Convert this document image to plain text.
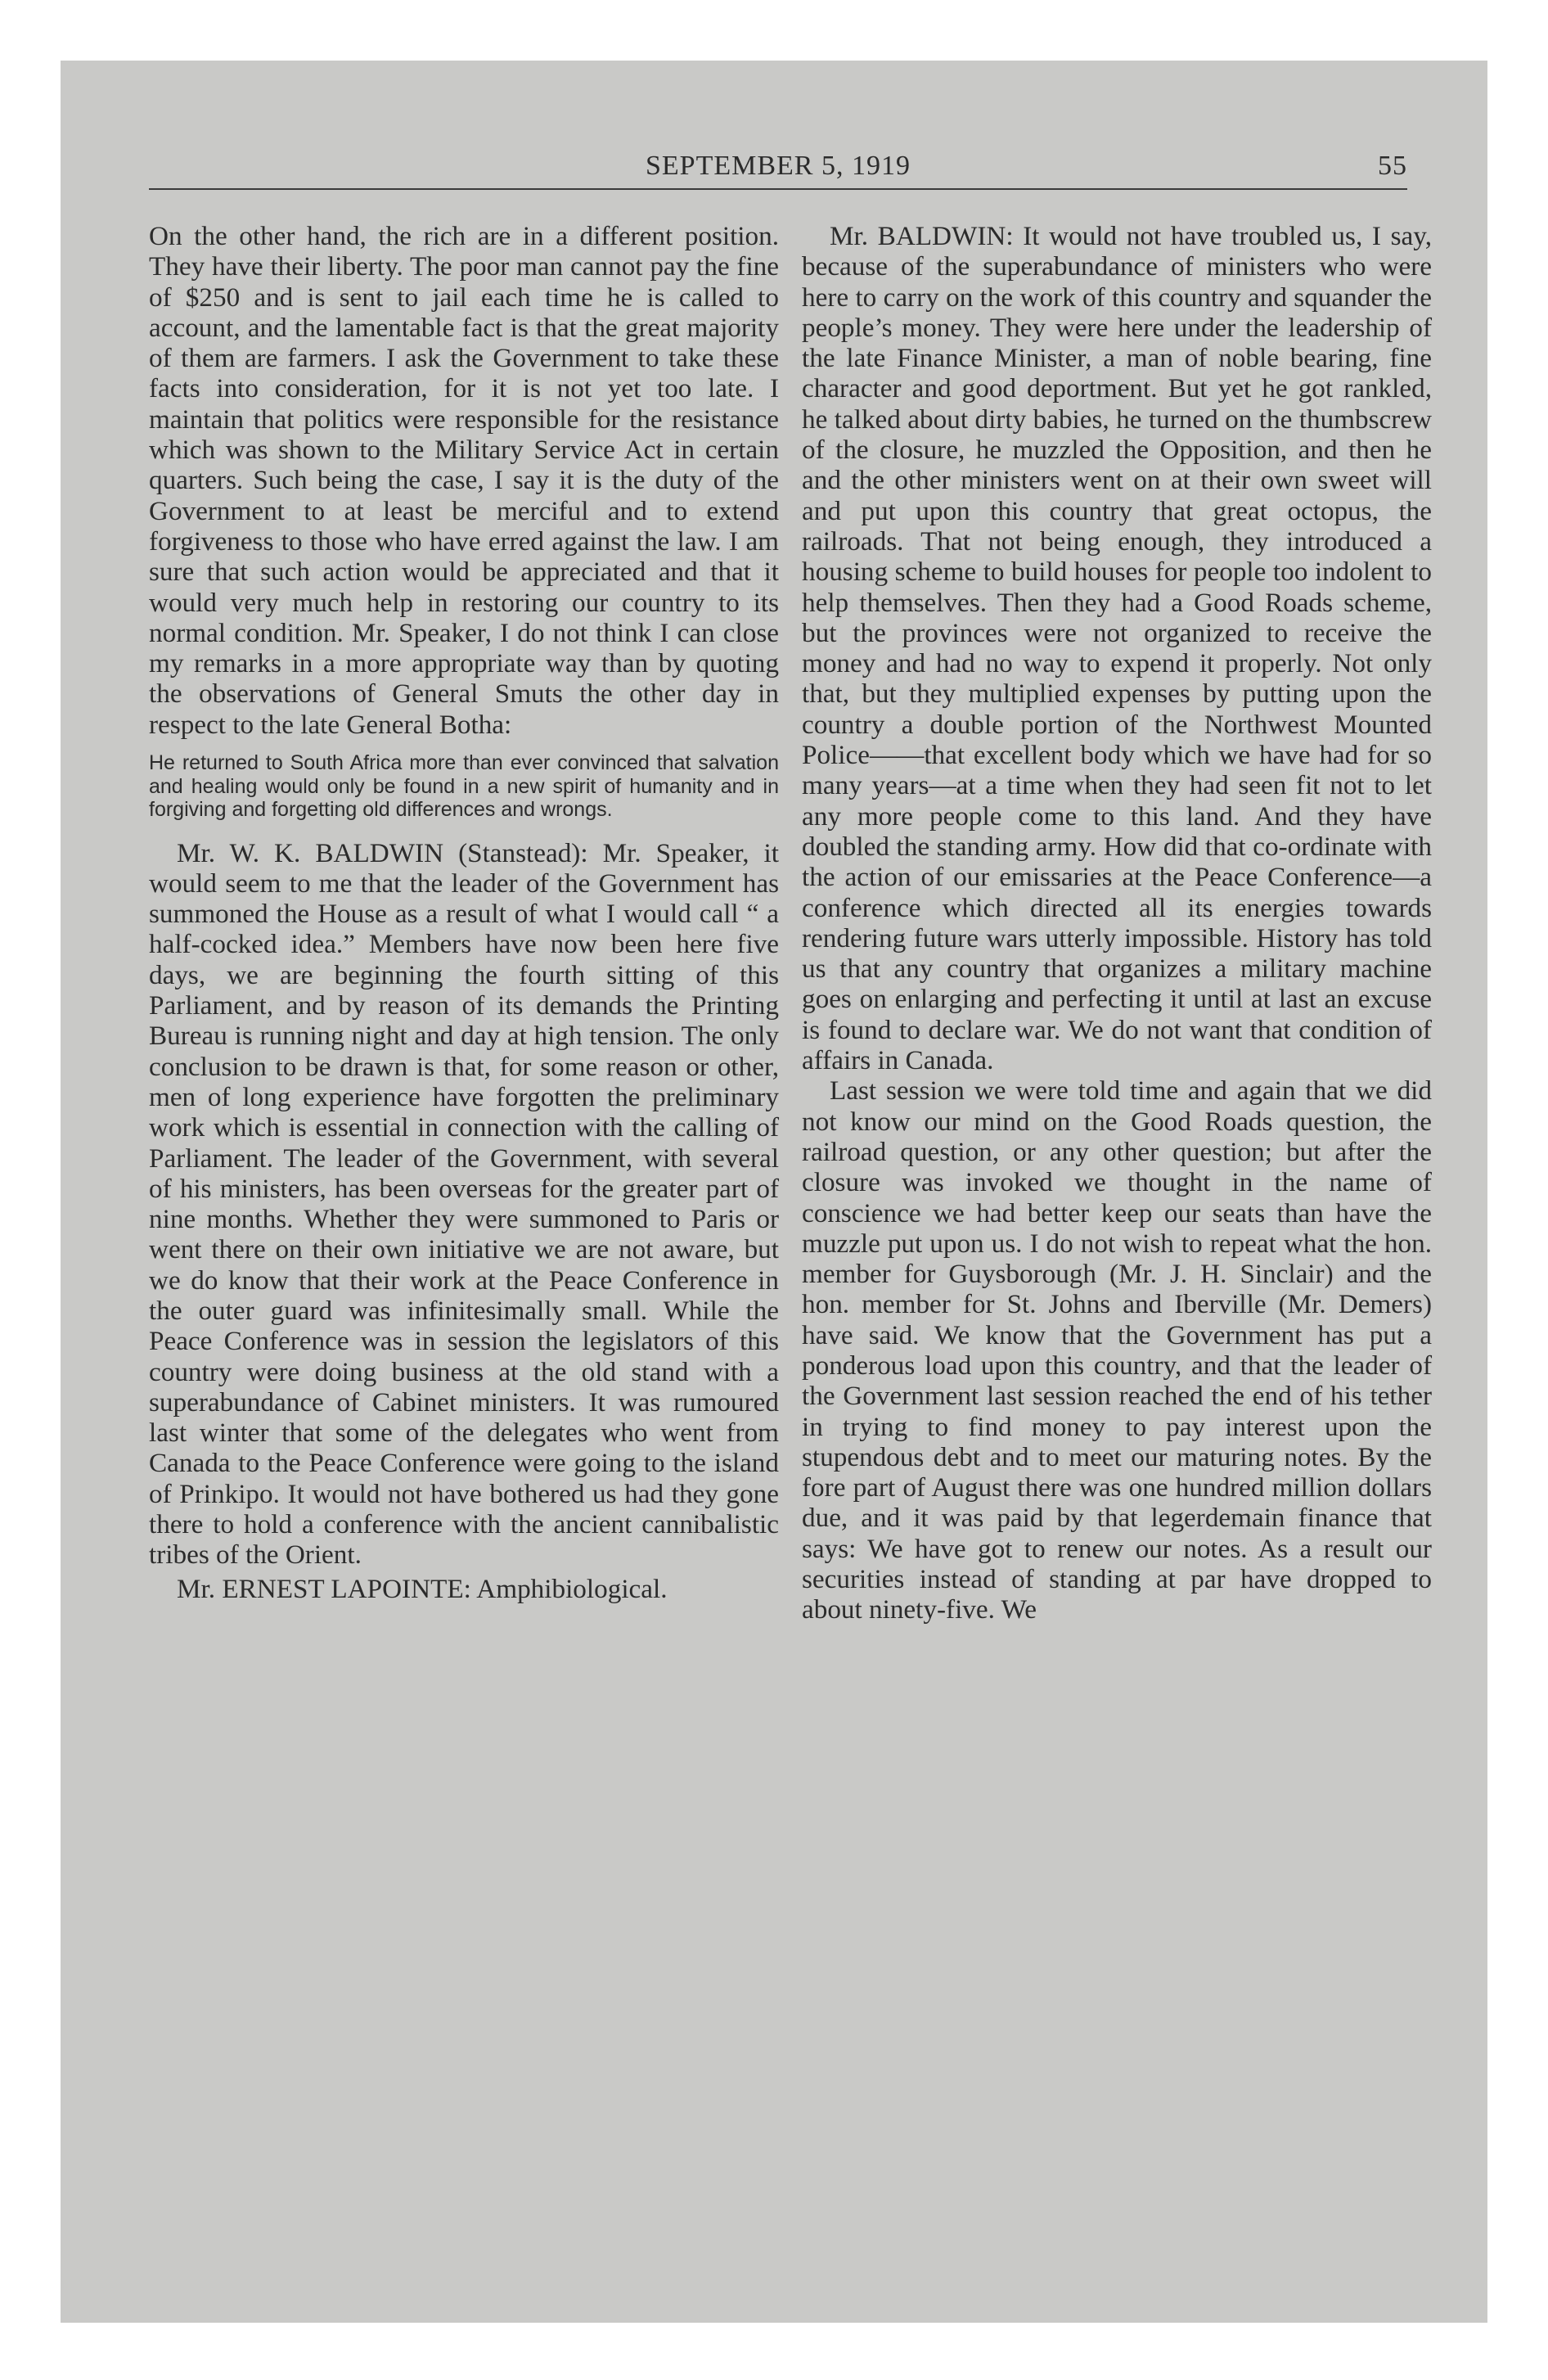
SEPTEMBER 5, 1919	55

On the other hand, the rich are in a different position. They have their liberty. The poor man cannot pay the fine of $250 and is sent to jail each time he is called to account, and the lamentable fact is that the great majority of them are farmers. I ask the Government to take these facts into consideration, for it is not yet too late. I maintain that politics were responsible for the resistance which was shown to the Military Service Act in certain quarters. Such being the case, I say it is the duty of the Government to at least be merciful and to extend forgiveness to those who have erred against the law. I am sure that such action would be appreciated and that it would very much help in restoring our country to its normal condition. Mr. Speaker, I do not think I can close my remarks in a more appropriate way than by quoting the observations of General Smuts the other day in respect to the late General Botha:

He returned to South Africa more than ever convinced that salvation and healing would only be found in a new spirit of humanity and in forgiving and forgetting old differences and wrongs.

Mr. W. K. BALDWIN (Stanstead): Mr. Speaker, it would seem to me that the leader of the Government has summoned the House as a result of what I would call “ a half-cocked idea.” Members have now been here five days, we are beginning the fourth sitting of this Parliament, and by reason of its demands the Printing Bureau is running night and day at high tension. The only conclusion to be drawn is that, for some reason or other, men of long experience have forgotten the preliminary work which is essential in connection with the calling of Parliament. The leader of the Government, with several of his ministers, has been overseas for the greater part of nine months. Whether they were summoned to Paris or went there on their own initiative we are not aware, but we do know that their work at the Peace Conference in the outer guard was infinitesimally small. While the Peace Conference was in session the legislators of this country were doing business at the old stand with a superabundance of Cabinet ministers. It was rumoured last winter that some of the delegates who went from Canada to the Peace Conference were going to the island of Prinkipo. It would not have bothered us had they gone there to hold a conference with the ancient cannibalistic tribes of the Orient.

Mr. ERNEST LAPOINTE: Amphibiological.

Mr. BALDWIN: It would not have troubled us, I say, because of the superabundance of ministers who were here to carry on the work of this country and squander the people’s money. They were here under the leadership of the late Finance Minister, a man of noble bearing, fine character and good deportment. But yet he got rankled, he talked about dirty babies, he turned on the thumbscrew of the closure, he muzzled the Opposition, and then he and the other ministers went on at their own sweet will and put upon this country that great octopus, the railroads. That not being enough, they introduced a housing scheme to build houses for people too indolent to help themselves. Then they had a Good Roads scheme, but the provinces were not organized to receive the money and had no way to expend it properly. Not only that, but they multiplied expenses by putting upon the country a double portion of the Northwest Mounted Police——that excellent body which we have had for so many years—at a time when they had seen fit not to let any more people come to this land. And they have doubled the standing army. How did that co-ordinate with the action of our emissaries at the Peace Conference—a conference which directed all its energies towards rendering future wars utterly impossible. History has told us that any country that organizes a military machine goes on enlarging and perfecting it until at last an excuse is found to declare war. We do not want that condition of affairs in Canada.

Last session we were told time and again that we did not know our mind on the Good Roads question, the railroad question, or any other question; but after the closure was invoked we thought in the name of conscience we had better keep our seats than have the muzzle put upon us. I do not wish to repeat what the hon. member for Guysborough (Mr. J. H. Sinclair) and the hon. member for St. Johns and Iberville (Mr. Demers) have said. We know that the Government has put a ponderous load upon this country, and that the leader of the Government last session reached the end of his tether in trying to find money to pay interest upon the stupendous debt and to meet our maturing notes. By the fore part of August there was one hundred million dollars due, and it was paid by that legerdemain finance that says: We have got to renew our notes. As a result our securities instead of standing at par have dropped to about ninety-five. We
